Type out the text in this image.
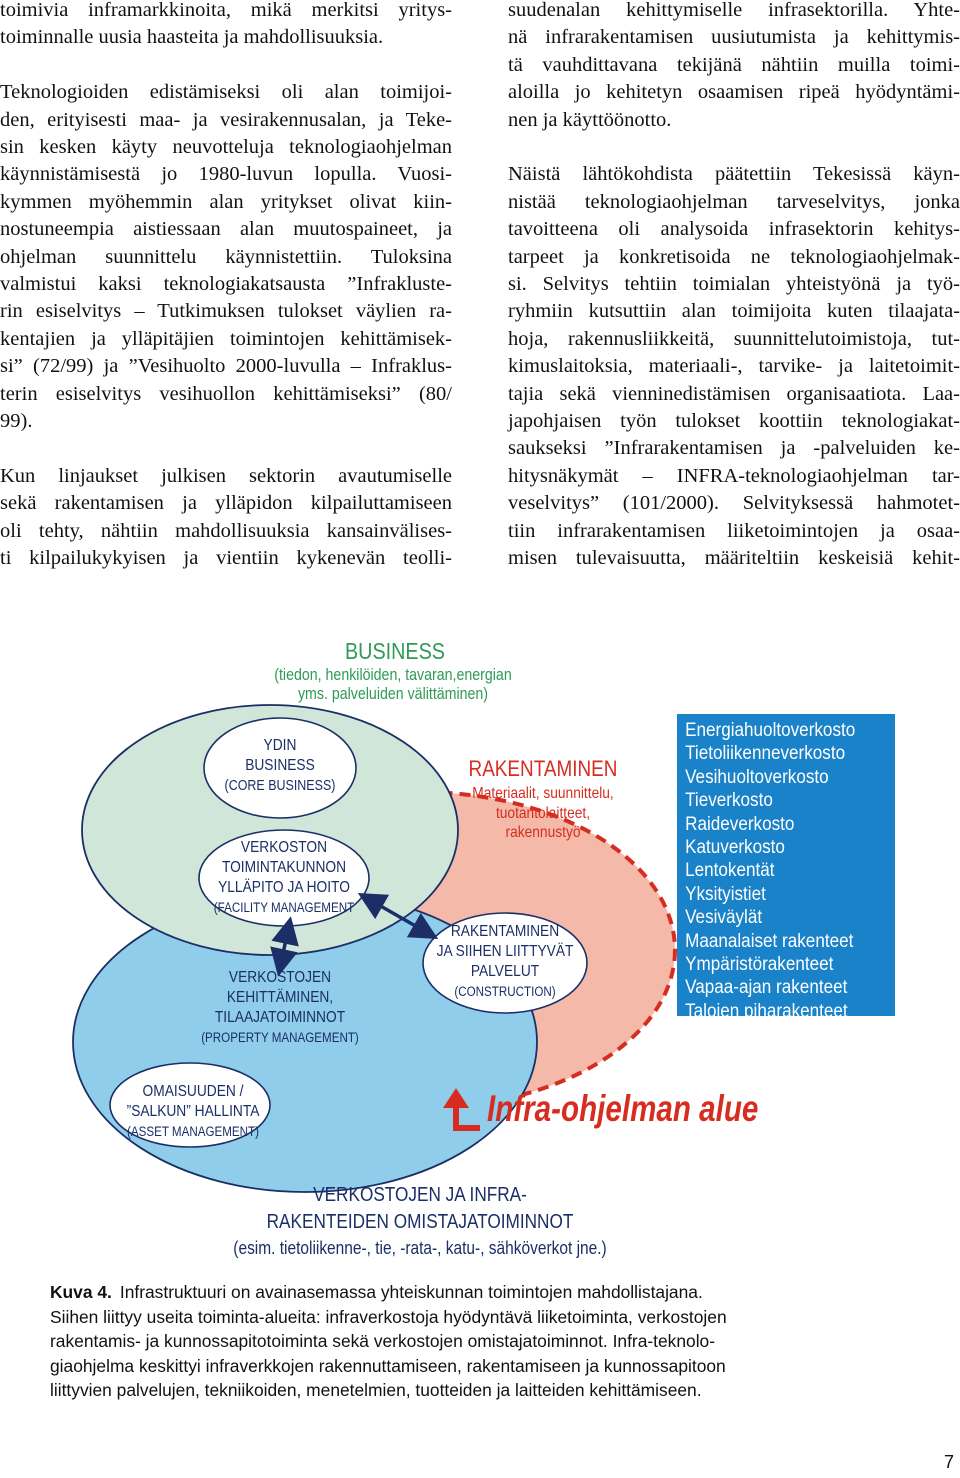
toimivia inframarkkinoita, mikä merkitsi yritys-
toiminnalle uusia haasteita ja mahdollisuuksia.
Teknologioiden edistämiseksi oli alan toimijoi-
den, erityisesti maa- ja vesirakennusalan, ja Teke-
sin kesken käyty neuvotteluja teknologiaohjelman
käynnistämisestä jo 1980-luvun lopulla. Vuosi-
kymmen myöhemmin alan yritykset olivat kiin-
nostuneempia aistiessaan alan muutospaineet, ja
ohjelman suunnittelu käynnistettiin. Tuloksina
valmistui kaksi teknologiakatsausta ”Infraklust​e-
rin esiselvitys – Tutkimuksen tulokset väylien ra-
kentajien ja ylläpitäjien toimintojen kehittämisek-
si” (72/99) ja ”Vesihuolto 2000-luvulla – Infraklus-
terin esiselvitys vesihuollon kehittämiseksi” (80/
99).
Kun linjaukset julkisen sektorin avautumiselle
sekä rakentamisen ja ylläpidon kilpailuttamiseen
oli tehty, nähtiin mahdollisuuksia kansainvälises-
ti kilpailukykyisen ja vientiin kykenevän teolli-
suudenalan kehittymiselle infrasektorilla. Yhte-
nä infrarakentamisen uusiutumista ja kehittymis-
tä vauhdittavana tekijänä nähtiin muilla toimi-
aloilla jo kehitetyn osaamisen ripeä hyödyntämi-
nen ja käyttöönotto.
Näistä lähtökohdista päätettiin Tekesissä käyn-
nistää teknologiaohjelman tarveselvitys, jonka
tavoitteena oli analysoida infrasektorin kehitys-
tarpeet ja konkretisoida ne teknologiaohjelmak-
si. Selvitys tehtiin toimialan yhteistyönä ja työ-
ryhmiin kutsuttiin alan toimijoita kuten tilaajata-
hoja, rakennusliikkeitä, suunnittelutoimistoja, tut-
kimuslaitoksia, materiaali-, tarvike- ja laitetoimit-
tajia sekä vienninedistämisen organisaatiota. Laa-
japohjaisen työn tulokset koottiin teknologiakat-
saukseksi ”Infrarakentamisen ja -palveluiden ke-
hitysnäkymät – INFRA-teknologiaohjelman tar-
veselvitys” (101/2000). Selvityksessä hahmotet-
tiin infrarakentamisen liiketoimintojen ja osaa-
misen tulevaisuutta, määriteltiin keskeisiä kehit-
BUSINESS
(tiedon, henkilöiden, tavaran,energian
yms. palveluiden välittäminen)
YDIN
BUSINESS
(CORE BUSINESS)
VERKOSTON
TOIMINTAKUNNON
YLLÄPITO JA HOITO
(FACILITY MANAGEMENT
VERKOSTOJEN
KEHITTÄMINEN,
TILAAJATOIMINNOT
(PROPERTY MANAGEMENT)
OMAISUUDEN /
”SALKUN” HALLINTA
(ASSET MANAGEMENT)
RAKENTAMINEN
Materiaalit, suunnittelu,
tuotantolaitteet,
rakennustyö
RAKENTAMINEN
JA SIIHEN LIITTYVÄT
PALVELUT
(CONSTRUCTION)
Energiahuoltoverkosto
Tietoliikenneverkosto
Vesihuoltoverkosto
Tieverkosto
Raideverkosto
Katuverkosto
Lentokentät
Yksityistiet
Vesiväylät
Maanalaiset rakenteet
Ympäristörakenteet
Vapaa-ajan rakenteet
Talojen piharakenteet
Infra-ohjelman alue
VERKOSTOJEN JA INFRA-
RAKENTEIDEN OMISTAJATOIMINNOT
(esim. tietoliikenne-, tie, -rata-, katu-, sähköverkot jne.)
Kuva 4. Infrastruktuuri on avainasemassa yhteiskunnan toimintojen mahdollistajana.
Siihen liittyy useita toiminta-alueita: infraverkostoja hyödyntävä liiketoiminta, verkostojen
rakentamis- ja kunnossapitotoiminta sekä verkostojen omistajatoiminnot. Infra-teknolo-
giaohjelma keskittyi infraverkkojen rakennuttamiseen, rakentamiseen ja kunnossapitoon
liittyvien palvelujen, tekniikoiden, menetelmien, tuotteiden ja laitteiden kehittämiseen.
7
